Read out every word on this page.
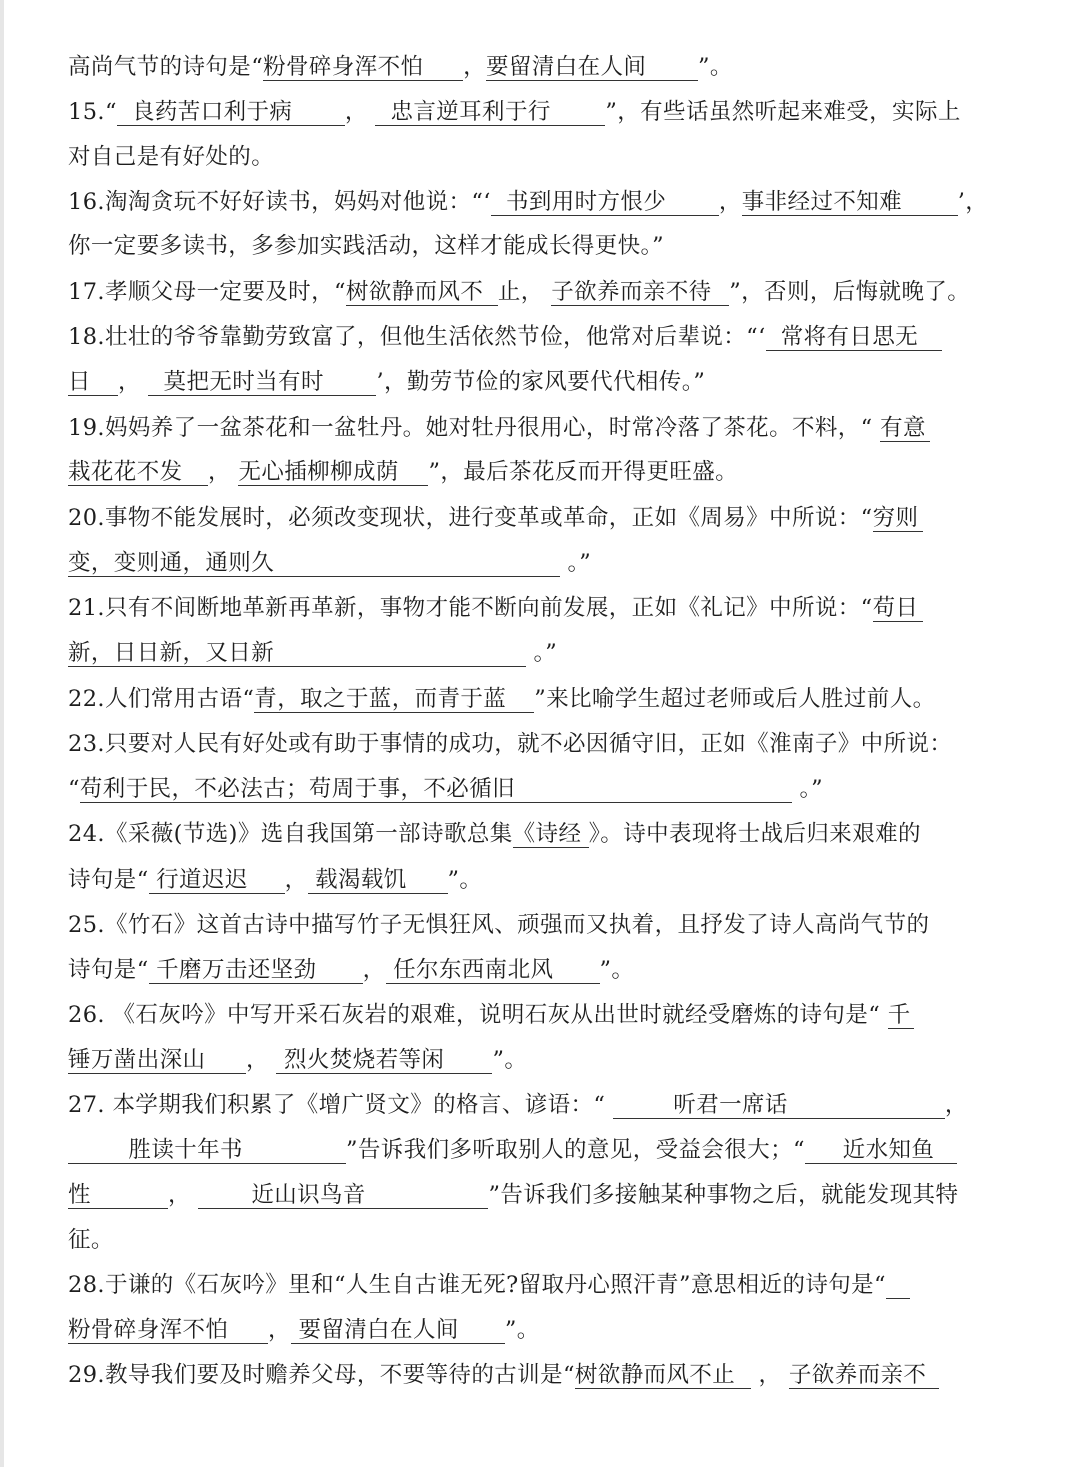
高尚气节的诗句是“粉骨碎身浑不怕  ，要留清白在人间  ”。
15.“  良药苦口利于病  ，   忠言逆耳利于行  ”，有些话虽然听起来难受，实际上
对自己是有好处的。
16.淘淘贪玩不好好读书，妈妈对他说：“‘  书到用时方恨少  ，事非经过不知难  ’，
你一定要多读书，多参加实践活动，这样才能成长得更快。”
17.孝顺父母一定要及时，“树欲静而风不 止， 子欲养而亲不待 ”，否则，后悔就晚了。
18.壮壮的爷爷靠勤劳致富了，但他生活依然节俭，他常对后辈说：“‘  常将有日思无
日  ，   莫把无时当有时  ’，勤劳节俭的家风要代代相传。”
19.妈妈养了一盆茶花和一盆牡丹。她对牡丹很用心，时常冷落了茶花。不料，“ 有意
栽花花不发 ， 无心插柳柳成荫 ”，最后茶花反而开得更旺盛。
20.事物不能发展时，必须改变现状，进行变革或革命，正如《周易》中所说：“穷则
变，变则通，通则久	。”
21.只有不间断地革新再革新，事物才能不断向前发展，正如《礼记》中所说：“苟日
新，日日新，又日新	。”
22.人们常用古语“青，取之于蓝，而青于蓝 ”来比喻学生超过老师或后人胜过前人。
23.只要对人民有好处或有助于事情的成功，就不必因循守旧，正如《淮南子》中所说：
“苟利于民，不必法古；苟周于事，不必循旧	。”
24.《采薇(节选)》选自我国第一部诗歌总集《诗经 》。诗中表现将士战后归来艰难的
诗句是“ 行道迟迟  ， 载渴载饥  ”。
25.《竹石》这首古诗中描写竹子无惧狂风、顽强而又执着，且抒发了诗人高尚气节的
诗句是“ 千磨万击还坚劲 ， 任尔东西南北风  ”。
26. 《石灰吟》中写开采石灰岩的艰难，说明石灰从出世时就经受磨炼的诗句是“ 千
锤万凿出深山  ，  烈火焚烧若等闲  ”。
27. 本学期我们积累了《增广贤文》的格言、谚语：“         听君一席话	，
胜读十年书        ”告诉我们多听取别人的意见，受益会很大；“     近水知鱼
性        ，        近山识鸟音	”告诉我们多接触某种事物之后，就能发现其特
征。
28.于谦的《石灰吟》里和“人生自古谁无死?留取丹心照汗青”意思相近的诗句是“
粉骨碎身浑不怕  ， 要留清白在人间  ”。
29.教导我们要及时赡养父母，不要等待的古训是“树欲静而风不止 ， 子欲养而亲不
